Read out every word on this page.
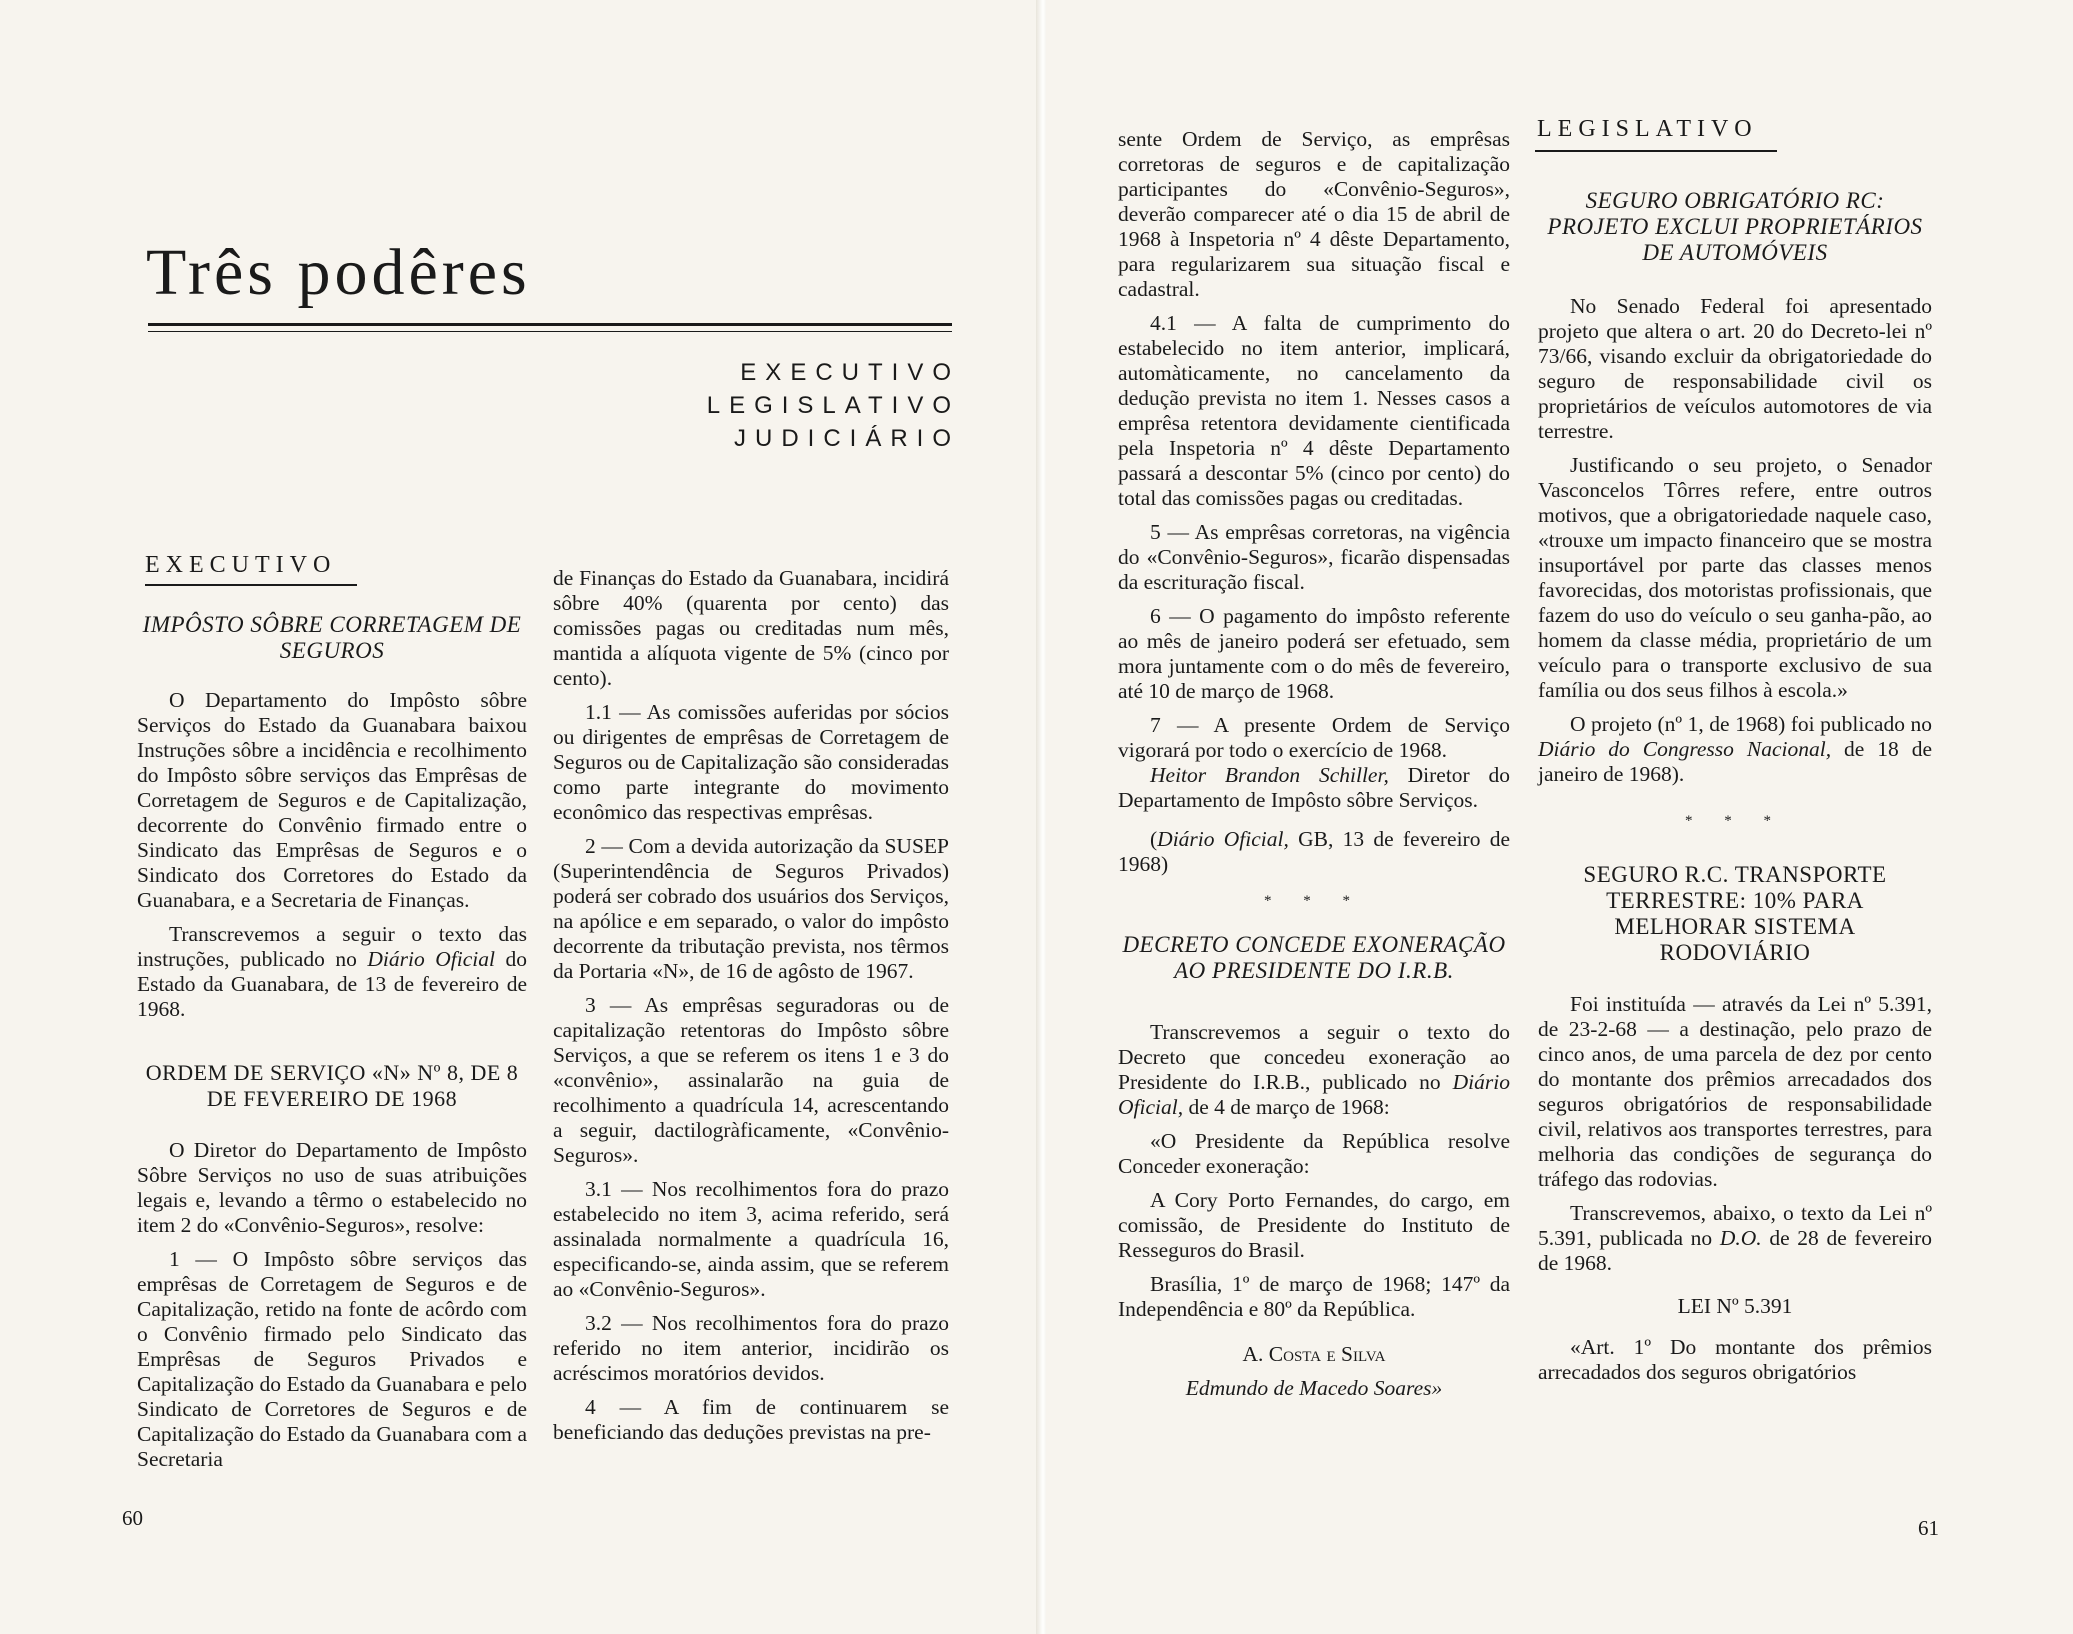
Três podêres
EXECUTIVO
LEGISLATIVO
JUDICIÁRIO
EXECUTIVO
IMPÔSTO SÔBRE CORRETAGEM DE SEGUROS

O Departamento do Impôsto sôbre Serviços do Estado da Guanabara baixou Instruções sôbre a incidência e recolhimento do Impôsto sôbre serviços das Emprêsas de Corretagem de Seguros e de Capitalização, decorrente do Convênio firmado entre o Sindicato das Emprêsas de Seguros e o Sindicato dos Corretores do Estado da Guanabara, e a Secretaria de Finanças.

Transcrevemos a seguir o texto das instruções, publicado no Diário Oficial do Estado da Guanabara, de 13 de fevereiro de 1968.

ORDEM DE SERVIÇO «N» Nº 8, DE 8 DE FEVEREIRO DE 1968

O Diretor do Departamento de Impôsto Sôbre Serviços no uso de suas atribuições legais e, levando a têrmo o estabelecido no item 2 do «Convênio-Seguros», resolve:

1 — O Impôsto sôbre serviços das emprêsas de Corretagem de Seguros e de Capitalização, retido na fonte de acôrdo com o Convênio firmado pelo Sindicato das Emprêsas de Seguros Privados e Capitalização do Estado da Guanabara e pelo Sindicato de Corretores de Seguros e de Capitalização do Estado da Guanabara com a Secretaria

de Finanças do Estado da Guanabara, incidirá sôbre 40% (quarenta por cento) das comissões pagas ou creditadas num mês, mantida a alíquota vigente de 5% (cinco por cento).

1.1 — As comissões auferidas por sócios ou dirigentes de emprêsas de Corretagem de Seguros ou de Capitalização são consideradas como parte integrante do movimento econômico das respectivas emprêsas.

2 — Com a devida autorização da SUSEP (Superintendência de Seguros Privados) poderá ser cobrado dos usuários dos Serviços, na apólice e em separado, o valor do impôsto decorrente da tributação prevista, nos têrmos da Portaria «N», de 16 de agôsto de 1967.

3 — As emprêsas seguradoras ou de capitalização retentoras do Impôsto sôbre Serviços, a que se referem os itens 1 e 3 do «convênio», assinalarão na guia de recolhimento a quadrícula 14, acrescentando a seguir, dactilogràficamente, «Convênio-Seguros».

3.1 — Nos recolhimentos fora do prazo estabelecido no item 3, acima referido, será assinalada normalmente a quadrícula 16, especificando-se, ainda assim, que se referem ao «Convênio-Seguros».

3.2 — Nos recolhimentos fora do prazo referido no item anterior, incidirão os acréscimos moratórios devidos.

4 — A fim de continuarem se beneficiando das deduções previstas na pre-

60

sente Ordem de Serviço, as emprêsas corretoras de seguros e de capitalização participantes do «Convênio-Seguros», deverão comparecer até o dia 15 de abril de 1968 à Inspetoria nº 4 dêste Departamento, para regularizarem sua situação fiscal e cadastral.

4.1 — A falta de cumprimento do estabelecido no item anterior, implicará, automàticamente, no cancelamento da dedução prevista no item 1. Nesses casos a emprêsa retentora devidamente cientificada pela Inspetoria nº 4 dêste Departamento passará a descontar 5% (cinco por cento) do total das comissões pagas ou creditadas.

5 — As emprêsas corretoras, na vigência do «Convênio-Seguros», ficarão dispensadas da escrituração fiscal.

6 — O pagamento do impôsto referente ao mês de janeiro poderá ser efetuado, sem mora juntamente com o do mês de fevereiro, até 10 de março de 1968.

7 — A presente Ordem de Serviço vigorará por todo o exercício de 1968.

Heitor Brandon Schiller, Diretor do Departamento de Impôsto sôbre Serviços.

(Diário Oficial, GB, 13 de fevereiro de 1968)

* * *
DECRETO CONCEDE EXONERAÇÃO AO PRESIDENTE DO I.R.B.

Transcrevemos a seguir o texto do Decreto que concedeu exoneração ao Presidente do I.R.B., publicado no Diário Oficial, de 4 de março de 1968:

«O Presidente da República resolve Conceder exoneração:

A Cory Porto Fernandes, do cargo, em comissão, de Presidente do Instituto de Resseguros do Brasil.

Brasília, 1º de março de 1968; 147º da Independência e 80º da República.

A. Costa e Silva

Edmundo de Macedo Soares»

LEGISLATIVO
SEGURO OBRIGATÓRIO RC: PROJETO EXCLUI PROPRIETÁRIOS DE AUTOMÓVEIS

No Senado Federal foi apresentado projeto que altera o art. 20 do Decreto-lei nº 73/66, visando excluir da obrigatoriedade do seguro de responsabilidade civil os proprietários de veículos automotores de via terrestre.

Justificando o seu projeto, o Senador Vasconcelos Tôrres refere, entre outros motivos, que a obrigatoriedade naquele caso, «trouxe um impacto financeiro que se mostra insuportável por parte das classes menos favorecidas, dos motoristas profissionais, que fazem do uso do veículo o seu ganha-pão, ao homem da classe média, proprietário de um veículo para o transporte exclusivo de sua família ou dos seus filhos à escola.»

O projeto (nº 1, de 1968) foi publicado no Diário do Congresso Nacional, de 18 de janeiro de 1968).

* * *
SEGURO R.C. TRANSPORTE TERRESTRE: 10% PARA MELHORAR SISTEMA RODOVIÁRIO

Foi instituída — através da Lei nº 5.391, de 23-2-68 — a destinação, pelo prazo de cinco anos, de uma parcela de dez por cento do montante dos prêmios arrecadados dos seguros obrigatórios de responsabilidade civil, relativos aos transportes terrestres, para melhoria das condições de segurança do tráfego das rodovias.

Transcrevemos, abaixo, o texto da Lei nº 5.391, publicada no D.O. de 28 de fevereiro de 1968.

LEI Nº 5.391

«Art. 1º Do montante dos prêmios arrecadados dos seguros obrigatórios

61
